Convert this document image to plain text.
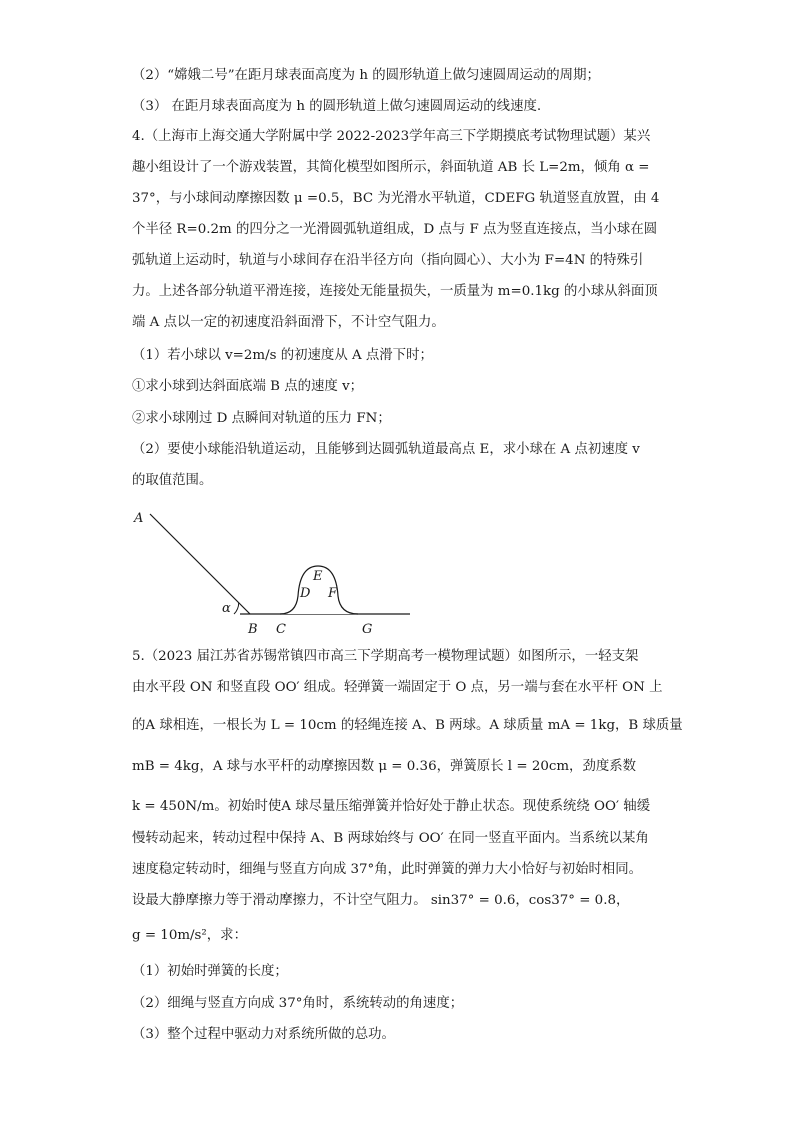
（2）“嫦娥二号”在距月球表面高度为 h 的圆形轨道上做匀速圆周运动的周期；
（3） 在距月球表面高度为 h 的圆形轨道上做匀速圆周运动的线速度.
4.（上海市上海交通大学附属中学 2022-2023学年高三下学期摸底考试物理试题）某兴
趣小组设计了一个游戏装置，其简化模型如图所示，斜面轨道 AB 长 L=2m，倾角 α =
37°，与小球间动摩擦因数 μ =0.5，BC 为光滑水平轨道，CDEFG 轨道竖直放置，由 4
个半径 R=0.2m 的四分之一光滑圆弧轨道组成，D 点与 F 点为竖直连接点，当小球在圆
弧轨道上运动时，轨道与小球间存在沿半径方向（指向圆心）、大小为 F=4N 的特殊引
力。上述各部分轨道平滑连接，连接处无能量损失，一质量为 m=0.1kg 的小球从斜面顶
端 A 点以一定的初速度沿斜面滑下，不计空气阻力。
（1）若小球以 v=2m/s 的初速度从 A 点滑下时；
①求小球到达斜面底端 B 点的速度 v；
②求小球刚过 D 点瞬间对轨道的压力 FN；
（2）要使小球能沿轨道运动，且能够到达圆弧轨道最高点 E，求小球在 A 点初速度 v
的取值范围。
A
α
B C
D
E
F
G
5.（2023 届江苏省苏锡常镇四市高三下学期高考一模物理试题）如图所示，一轻支架
由水平段 ON 和竖直段 OO′ 组成。轻弹簧一端固定于 O 点，另一端与套在水平杆 ON 上
的A 球相连，一根长为 L = 10cm 的轻绳连接 A、B 两球。A 球质量 mA = 1kg，B 球质量
mB = 4kg，A 球与水平杆的动摩擦因数 μ = 0.36，弹簧原长 l = 20cm，劲度系数
k = 450N/m。初始时使A 球尽量压缩弹簧并恰好处于静止状态。现使系统绕 OO′ 轴缓
慢转动起来，转动过程中保持 A、B 两球始终与 OO′ 在同一竖直平面内。当系统以某角
速度稳定转动时，细绳与竖直方向成 37°角，此时弹簧的弹力大小恰好与初始时相同。
设最大静摩擦力等于滑动摩擦力，不计空气阻力。 sin37° = 0.6，cos37° = 0.8，
g = 10m/s²，求：
（1）初始时弹簧的长度；
（2）细绳与竖直方向成 37°角时，系统转动的角速度；
（3）整个过程中驱动力对系统所做的总功。
